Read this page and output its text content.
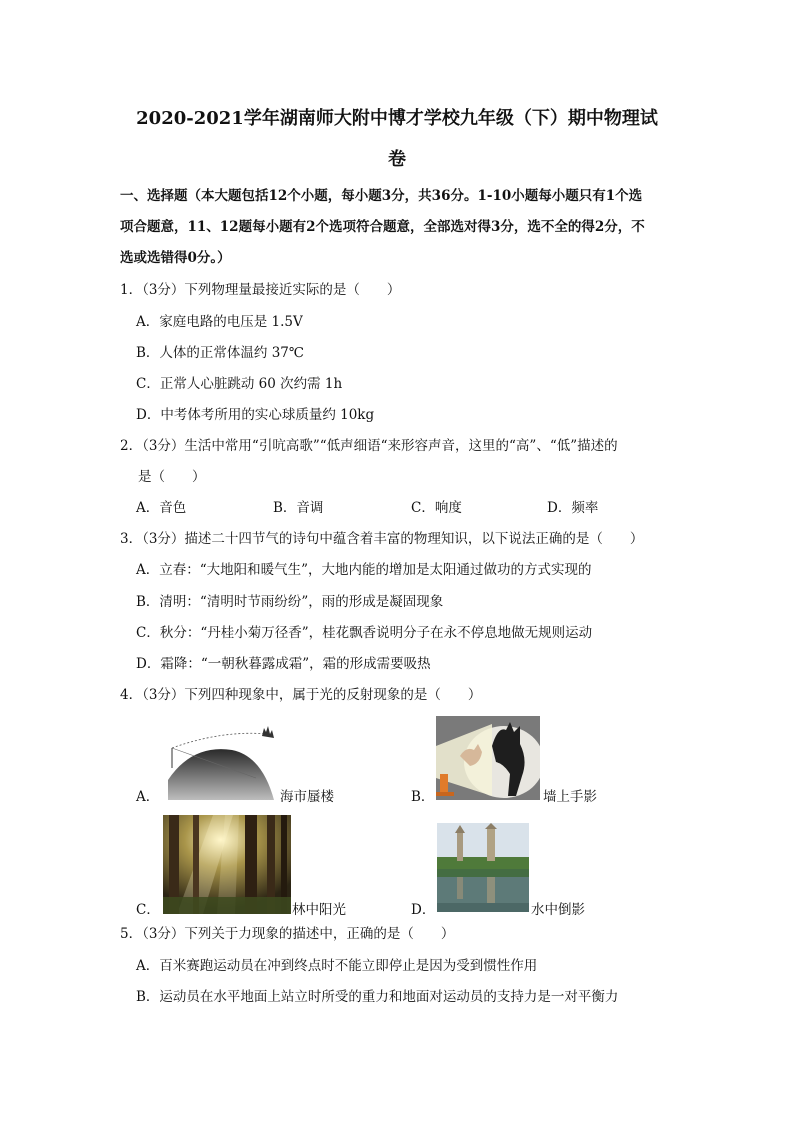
2020-2021学年湖南师大附中博才学校九年级（下）期中物理试
卷
一、选择题（本大题包括12个小题，每小题3分，共36分。1-10小题每小题只有1个选
项合题意，11、12题每小题有2个选项符合题意，全部选对得3分，选不全的得2分，不
选或选错得0分。）
1．（3分）下列物理量最接近实际的是（　　）
A．家庭电路的电压是 1.5V
B．人体的正常体温约 37℃
C．正常人心脏跳动 60 次约需 1h
D．中考体考所用的实心球质量约 10kg
2．（3分）生活中常用“引吭高歌”“低声细语“来形容声音，这里的“高”、“低”描述的
是（　　）
A．音色	B．音调	C．响度	D．频率
3．（3分）描述二十四节气的诗句中蕴含着丰富的物理知识，以下说法正确的是（　　）
A．立春：“大地阳和暖气生”，大地内能的增加是太阳通过做功的方式实现的
B．清明：“清明时节雨纷纷”，雨的形成是凝固现象
C．秋分：“丹桂小菊万径香”，桂花飘香说明分子在永不停息地做无规则运动
D．霜降：“一朝秋暮露成霜”，霜的形成需要吸热
4．（3分）下列四种现象中，属于光的反射现象的是（　　）
A．	海市蜃楼	B．	墙上手影
C．	林中阳光	D．	水中倒影
5．（3分）下列关于力现象的描述中，正确的是（　　）
A．百米赛跑运动员在冲到终点时不能立即停止是因为受到惯性作用
B．运动员在水平地面上站立时所受的重力和地面对运动员的支持力是一对平衡力
